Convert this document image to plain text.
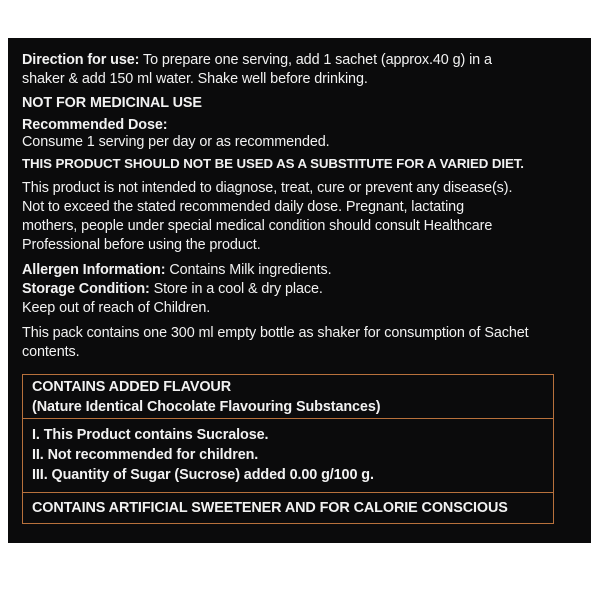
Direction for use: To prepare one serving, add 1 sachet (approx.40 g) in a
shaker & add 150 ml water. Shake well before drinking.
NOT FOR MEDICINAL USE
Recommended Dose:
Consume 1 serving per day or as recommended.
THIS PRODUCT SHOULD NOT BE USED AS A SUBSTITUTE FOR A VARIED DIET.
This product is not intended to diagnose, treat, cure or prevent any disease(s).
Not to exceed the stated recommended daily dose. Pregnant, lactating
mothers, people under special medical condition should consult Healthcare
Professional before using the product.
Allergen Information: Contains Milk ingredients.
Storage Condition: Store in a cool & dry place.
Keep out of reach of Children.
This pack contains one 300 ml empty bottle as shaker for consumption of Sachet
contents.
CONTAINS ADDED FLAVOUR
(Nature Identical Chocolate Flavouring Substances)
I. This Product contains Sucralose.
II. Not recommended for children.
III. Quantity of Sugar (Sucrose) added 0.00 g/100 g.
CONTAINS ARTIFICIAL SWEETENER AND FOR CALORIE CONSCIOUS
